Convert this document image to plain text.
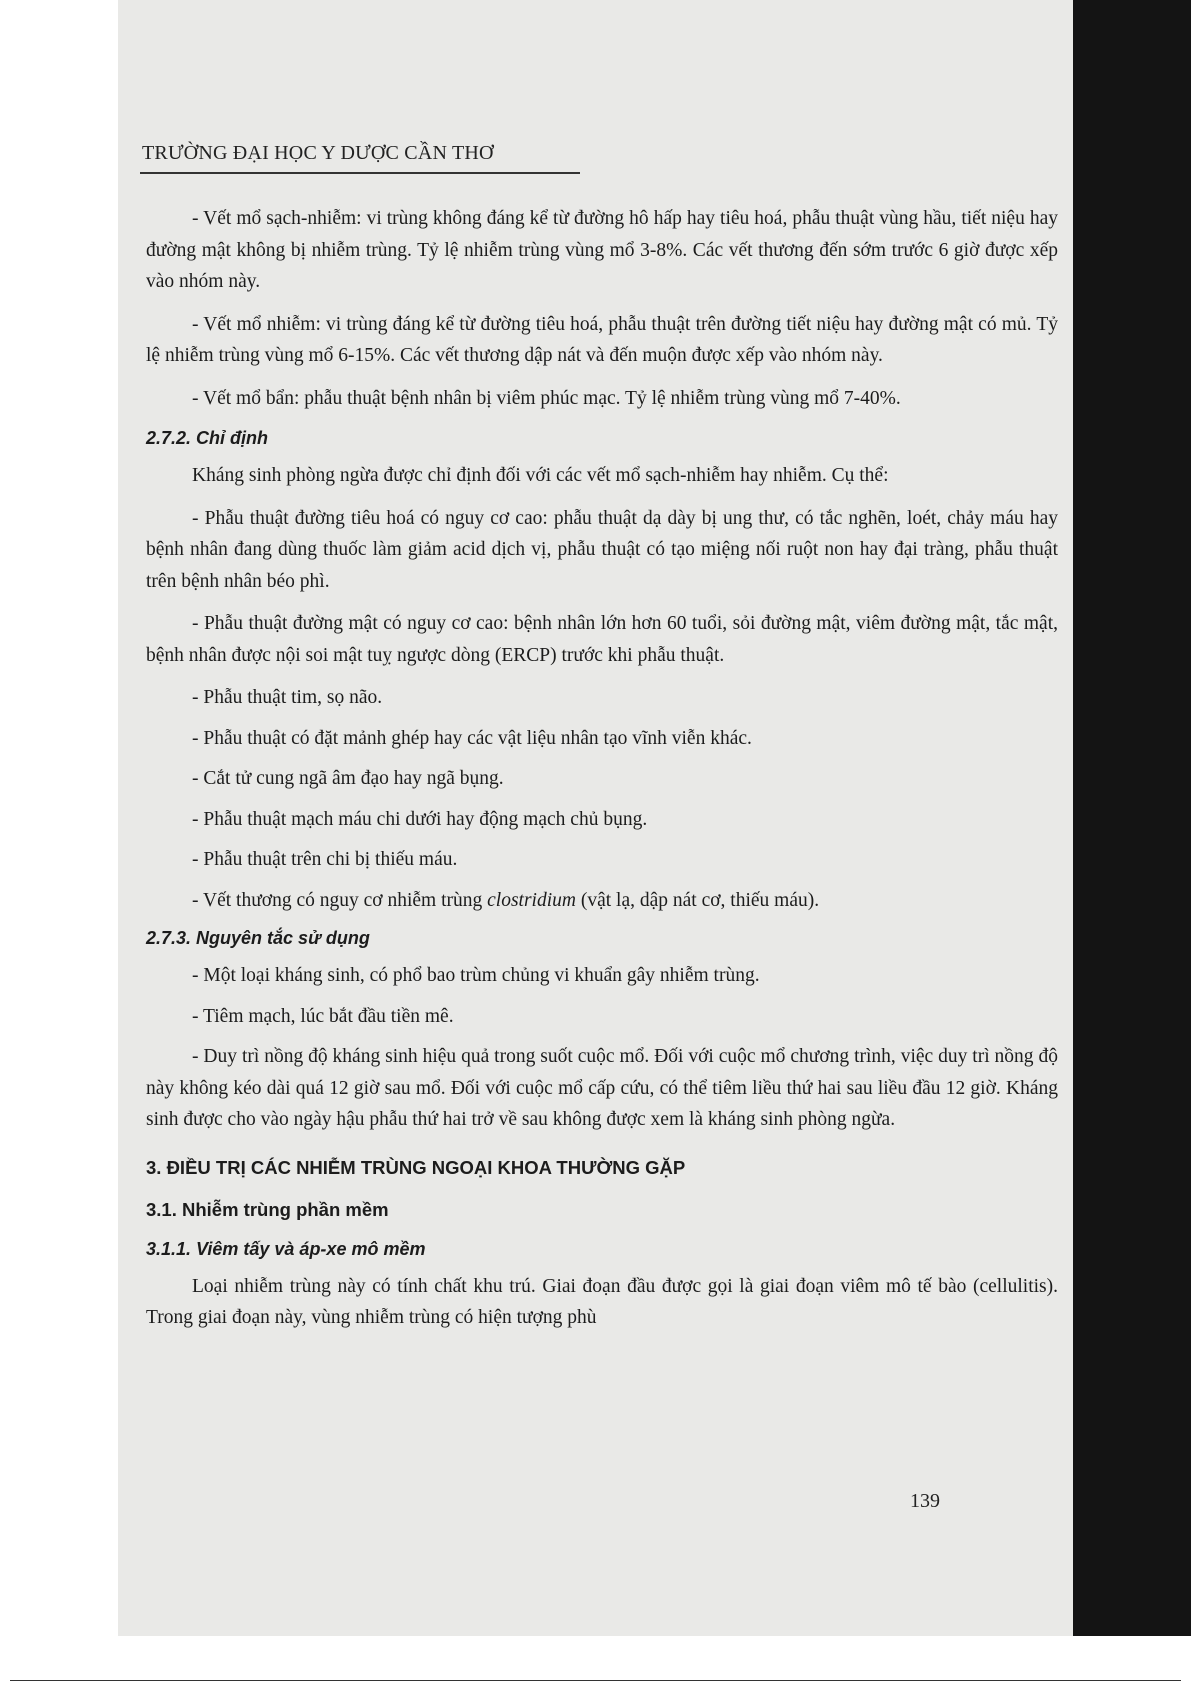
TRƯỜNG ĐẠI HỌC Y DƯỢC CẦN THƠ

- Vết mổ sạch-nhiễm: vi trùng không đáng kể từ đường hô hấp hay tiêu hoá, phẫu thuật vùng hầu, tiết niệu hay đường mật không bị nhiễm trùng. Tỷ lệ nhiễm trùng vùng mổ 3-8%. Các vết thương đến sớm trước 6 giờ được xếp vào nhóm này.

- Vết mổ nhiễm: vi trùng đáng kể từ đường tiêu hoá, phẫu thuật trên đường tiết niệu hay đường mật có mủ. Tỷ lệ nhiễm trùng vùng mổ 6-15%. Các vết thương dập nát và đến muộn được xếp vào nhóm này.

- Vết mổ bẩn: phẫu thuật bệnh nhân bị viêm phúc mạc. Tỷ lệ nhiễm trùng vùng mổ 7-40%.

2.7.2. Chỉ định

Kháng sinh phòng ngừa được chỉ định đối với các vết mổ sạch-nhiễm hay nhiễm. Cụ thể:

- Phẫu thuật đường tiêu hoá có nguy cơ cao: phẫu thuật dạ dày bị ung thư, có tắc nghẽn, loét, chảy máu hay bệnh nhân đang dùng thuốc làm giảm acid dịch vị, phẫu thuật có tạo miệng nối ruột non hay đại tràng, phẫu thuật trên bệnh nhân béo phì.

- Phẫu thuật đường mật có nguy cơ cao: bệnh nhân lớn hơn 60 tuổi, sỏi đường mật, viêm đường mật, tắc mật, bệnh nhân được nội soi mật tuỵ ngược dòng (ERCP) trước khi phẫu thuật.

- Phẫu thuật tim, sọ não.

- Phẫu thuật có đặt mảnh ghép hay các vật liệu nhân tạo vĩnh viễn khác.

- Cắt tử cung ngã âm đạo hay ngã bụng.

- Phẫu thuật mạch máu chi dưới hay động mạch chủ bụng.

- Phẫu thuật trên chi bị thiếu máu.

- Vết thương có nguy cơ nhiễm trùng clostridium (vật lạ, dập nát cơ, thiếu máu).

2.7.3. Nguyên tắc sử dụng

- Một loại kháng sinh, có phổ bao trùm chủng vi khuẩn gây nhiễm trùng.

- Tiêm mạch, lúc bắt đầu tiền mê.

- Duy trì nồng độ kháng sinh hiệu quả trong suốt cuộc mổ. Đối với cuộc mổ chương trình, việc duy trì nồng độ này không kéo dài quá 12 giờ sau mổ. Đối với cuộc mổ cấp cứu, có thể tiêm liều thứ hai sau liều đầu 12 giờ. Kháng sinh được cho vào ngày hậu phẫu thứ hai trở về sau không được xem là kháng sinh phòng ngừa.

3. ĐIỀU TRỊ CÁC NHIỄM TRÙNG NGOẠI KHOA THƯỜNG GẶP
3.1. Nhiễm trùng phần mềm
3.1.1. Viêm tấy và áp-xe mô mềm

Loại nhiễm trùng này có tính chất khu trú. Giai đoạn đầu được gọi là giai đoạn viêm mô tế bào (cellulitis). Trong giai đoạn này, vùng nhiễm trùng có hiện tượng phù

139
